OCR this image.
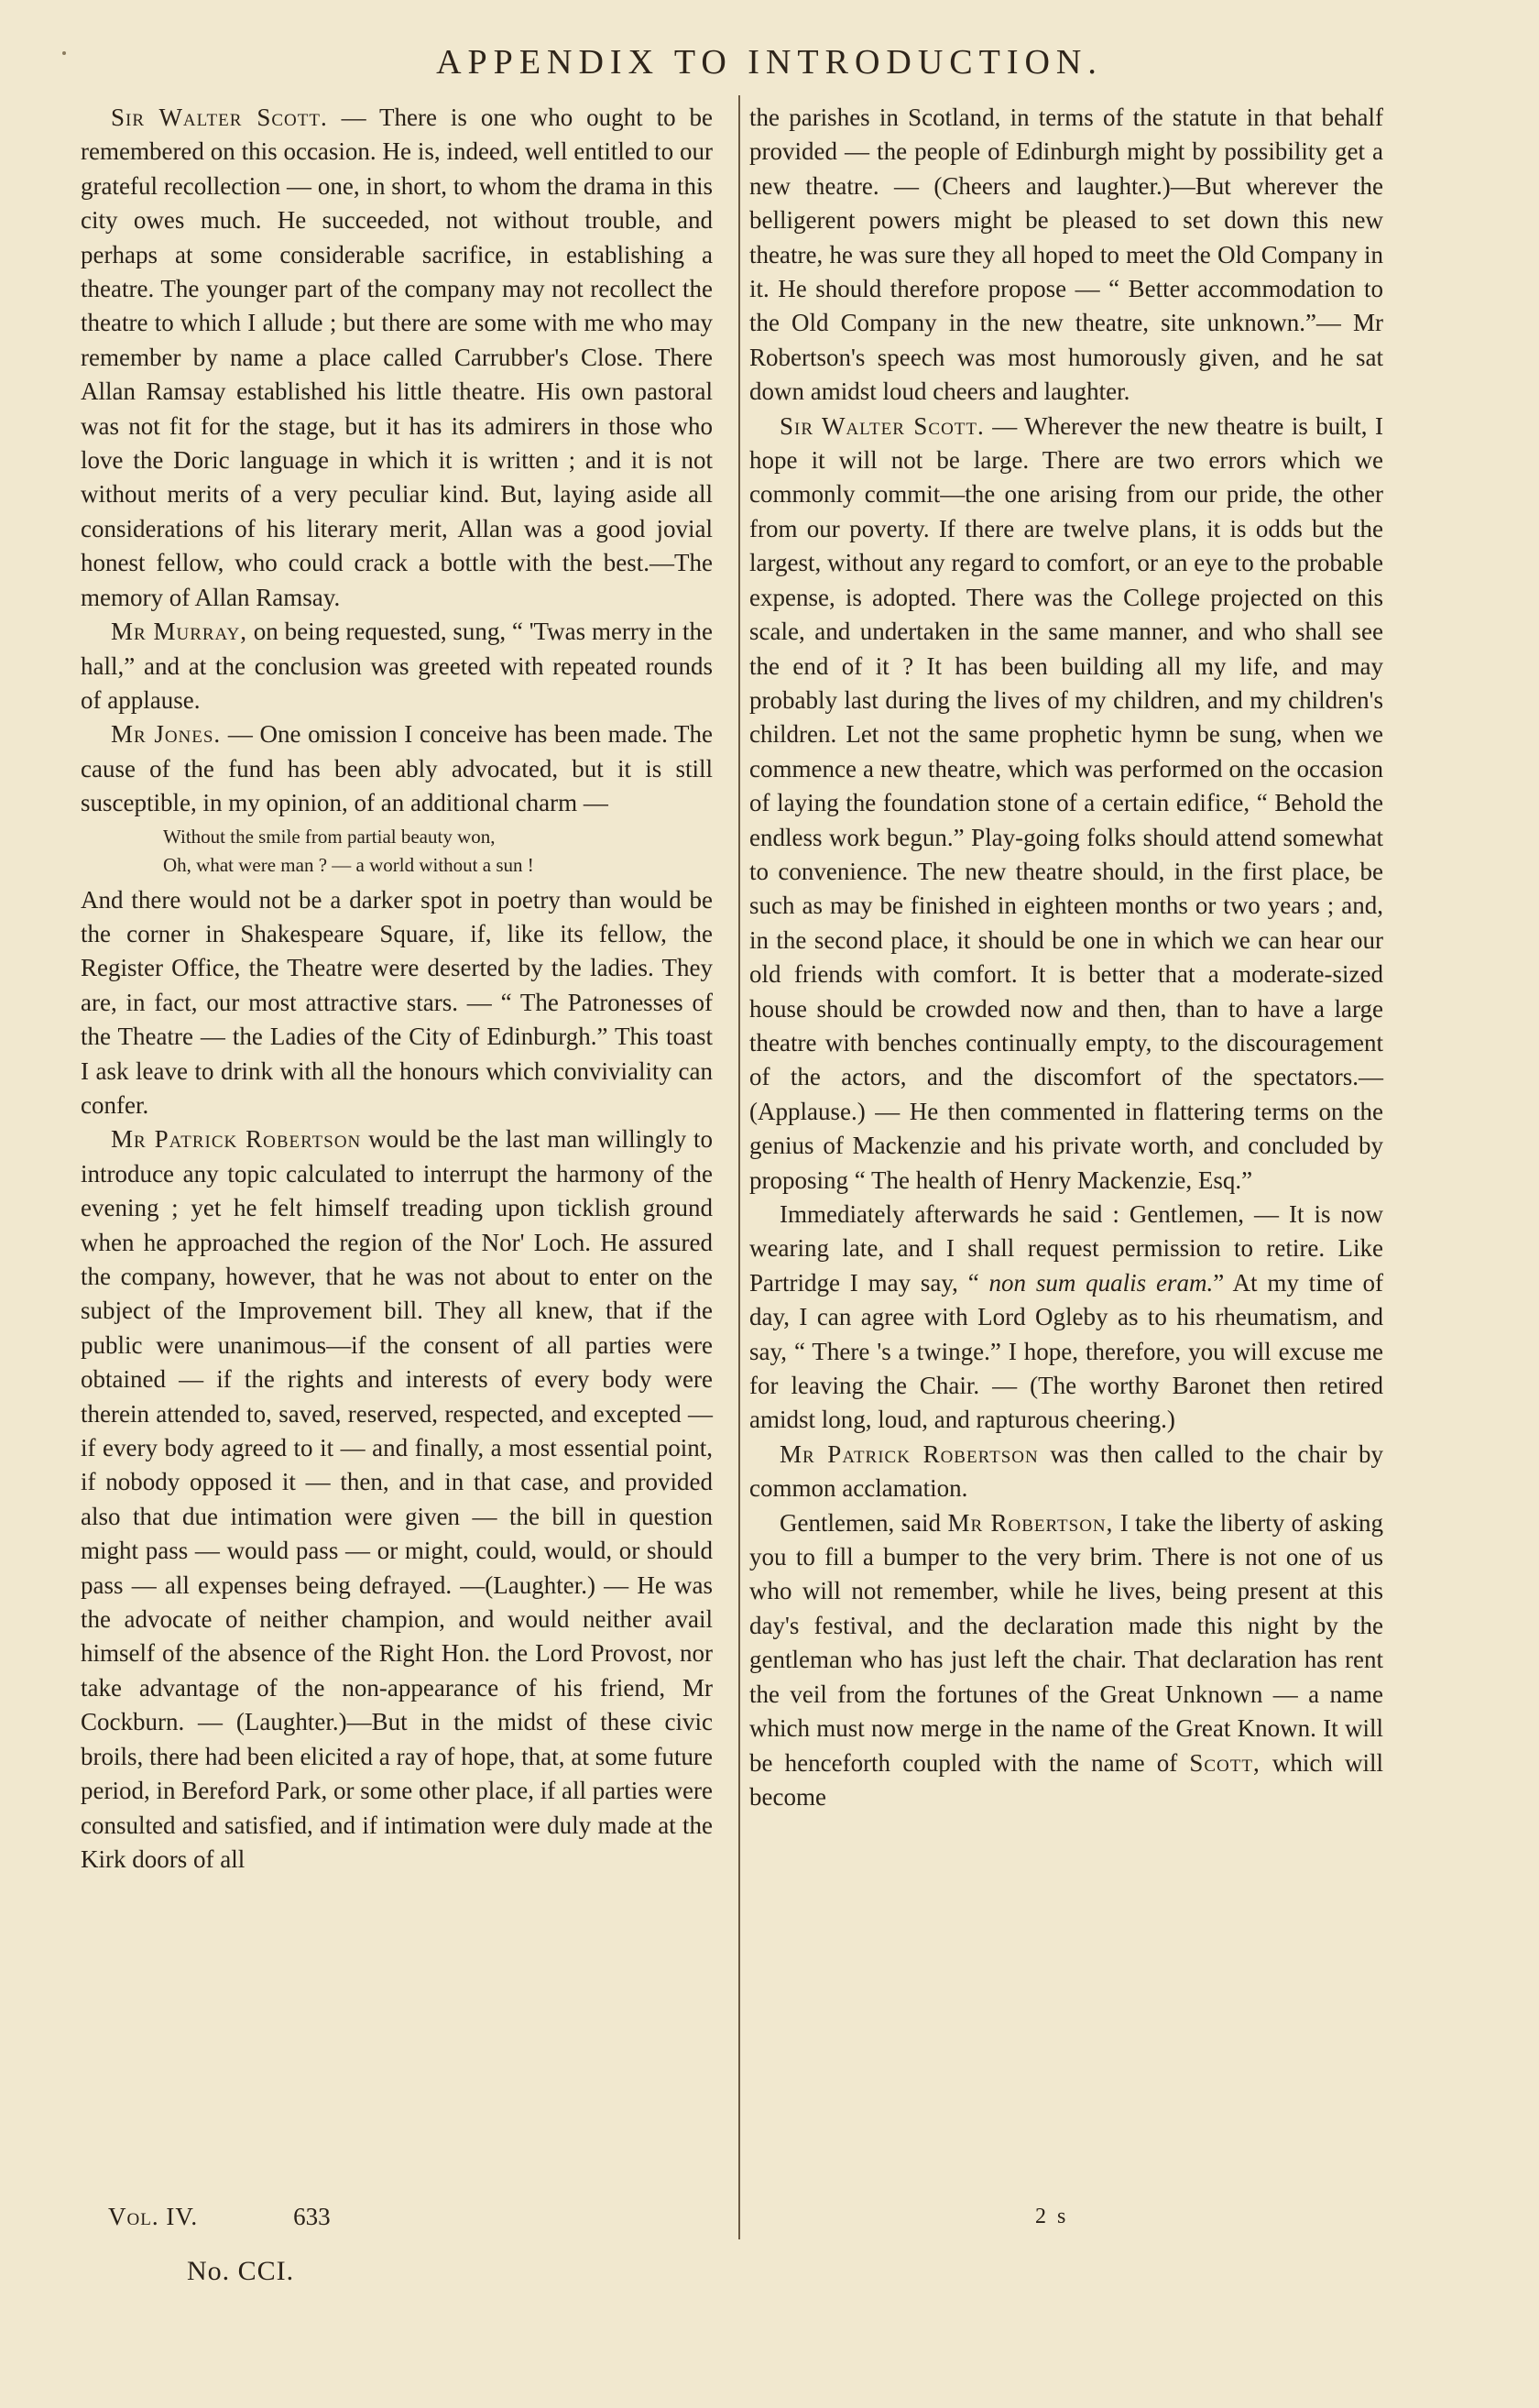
APPENDIX TO INTRODUCTION.

Sir Walter Scott. — There is one who ought to be remembered on this occasion. He is, indeed, well entitled to our grateful recollection — one, in short, to whom the drama in this city owes much. He succeeded, not without trouble, and perhaps at some considerable sacrifice, in establishing a theatre. The younger part of the company may not recollect the theatre to which I allude ; but there are some with me who may remember by name a place called Carrubber's Close. There Allan Ramsay established his little theatre. His own pastoral was not fit for the stage, but it has its admirers in those who love the Doric language in which it is written ; and it is not without merits of a very peculiar kind. But, laying aside all considerations of his literary merit, Allan was a good jovial honest fellow, who could crack a bottle with the best.—The memory of Allan Ramsay.

Mr Murray, on being requested, sung, “ 'Twas merry in the hall,” and at the conclusion was greeted with repeated rounds of applause.

Mr Jones. — One omission I conceive has been made. The cause of the fund has been ably advocated, but it is still susceptible, in my opinion, of an additional charm —

Without the smile from partial beauty won,
Oh, what were man ? — a world without a sun !

And there would not be a darker spot in poetry than would be the corner in Shakespeare Square, if, like its fellow, the Register Office, the Theatre were deserted by the ladies. They are, in fact, our most attractive stars. — “ The Patronesses of the Theatre — the Ladies of the City of Edinburgh.” This toast I ask leave to drink with all the honours which conviviality can confer.

Mr Patrick Robertson would be the last man willingly to introduce any topic calculated to interrupt the harmony of the evening ; yet he felt himself treading upon ticklish ground when he approached the region of the Nor' Loch. He assured the company, however, that he was not about to enter on the subject of the Improvement bill. They all knew, that if the public were unanimous—if the consent of all parties were obtained — if the rights and interests of every body were therein attended to, saved, reserved, respected, and excepted — if every body agreed to it — and finally, a most essential point, if nobody opposed it — then, and in that case, and provided also that due intimation were given — the bill in question might pass — would pass — or might, could, would, or should pass — all expenses being defrayed. —(Laughter.) — He was the advocate of neither champion, and would neither avail himself of the absence of the Right Hon. the Lord Provost, nor take advantage of the non-appearance of his friend, Mr Cockburn. — (Laughter.)—But in the midst of these civic broils, there had been elicited a ray of hope, that, at some future period, in Bereford Park, or some other place, if all parties were consulted and satisfied, and if intimation were duly made at the Kirk doors of all

the parishes in Scotland, in terms of the statute in that behalf provided — the people of Edinburgh might by possibility get a new theatre. — (Cheers and laughter.)—But wherever the belligerent powers might be pleased to set down this new theatre, he was sure they all hoped to meet the Old Company in it. He should therefore propose — “ Better accommodation to the Old Company in the new theatre, site unknown.”— Mr Robertson's speech was most humorously given, and he sat down amidst loud cheers and laughter.

Sir Walter Scott. — Wherever the new theatre is built, I hope it will not be large. There are two errors which we commonly commit—the one arising from our pride, the other from our poverty. If there are twelve plans, it is odds but the largest, without any regard to comfort, or an eye to the probable expense, is adopted. There was the College projected on this scale, and undertaken in the same manner, and who shall see the end of it ? It has been building all my life, and may probably last during the lives of my children, and my children's children. Let not the same prophetic hymn be sung, when we commence a new theatre, which was performed on the occasion of laying the foundation stone of a certain edifice, “ Behold the endless work begun.” Play-going folks should attend somewhat to convenience. The new theatre should, in the first place, be such as may be finished in eighteen months or two years ; and, in the second place, it should be one in which we can hear our old friends with comfort. It is better that a moderate-sized house should be crowded now and then, than to have a large theatre with benches continually empty, to the discouragement of the actors, and the discomfort of the spectators.— (Applause.) — He then commented in flattering terms on the genius of Mackenzie and his private worth, and concluded by proposing “ The health of Henry Mackenzie, Esq.”

Immediately afterwards he said : Gentlemen, — It is now wearing late, and I shall request permission to retire. Like Partridge I may say, “ non sum qualis eram.” At my time of day, I can agree with Lord Ogleby as to his rheumatism, and say, “ There 's a twinge.” I hope, therefore, you will excuse me for leaving the Chair. — (The worthy Baronet then retired amidst long, loud, and rapturous cheering.)

Mr Patrick Robertson was then called to the chair by common acclamation.

Gentlemen, said Mr Robertson, I take the liberty of asking you to fill a bumper to the very brim. There is not one of us who will not remember, while he lives, being present at this day's festival, and the declaration made this night by the gentleman who has just left the chair. That declaration has rent the veil from the fortunes of the Great Unknown — a name which must now merge in the name of the Great Known. It will be henceforth coupled with the name of Scott, which will become

Vol. IV.	633	2 s
No. CCI.
